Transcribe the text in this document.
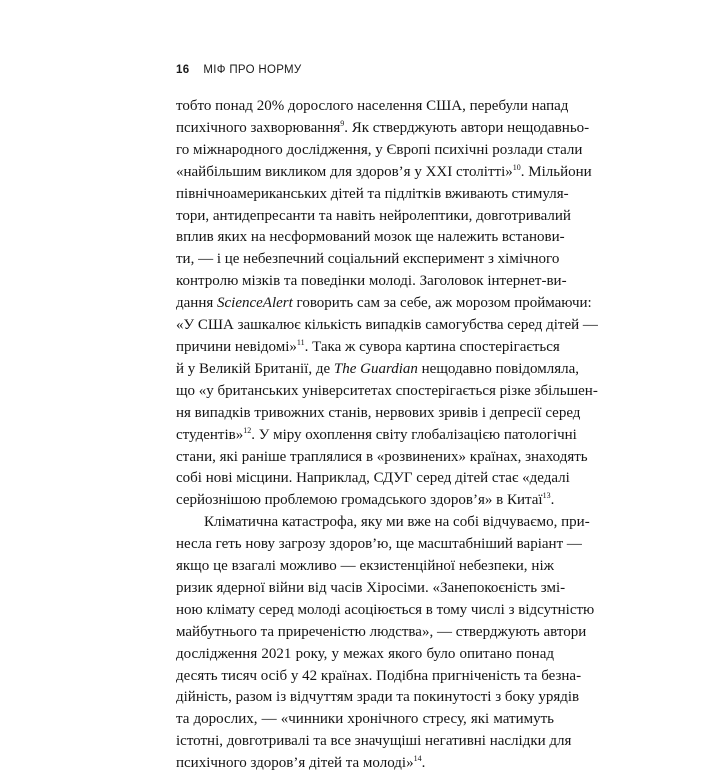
16 МІФ ПРО НОРМУ
тобто понад 20% дорослого населення США, перебули напад
психічного захворювання$^9$. Як стверджують автори нещодавньо-
го міжнародного дослідження, у Європі психічні розлади стали
«найбільшим викликом для здоров’я у XXI столітті»$^{10}$. Мільйони
північноамериканських дітей та підлітків вживають стимуля-
тори, антидепресанти та навіть нейролептики, довготривалий
вплив яких на несформований мозок ще належить встанови-
ти, — і це небезпечний соціальний експеримент з хімічного
контролю мізків та поведінки молоді. Заголовок інтернет-ви-
дання ScienceAlert говорить сам за себе, аж морозом проймаючи:
«У США зашкалює кількість випадків самогубства серед дітей —
причини невідомі»$^{11}$. Така ж сувора картина спостерігається
й у Великій Британії, де The Guardian нещодавно повідомляла,
що «у британських університетах спостерігається різке збільшен-
ня випадків тривожних станів, нервових зривів і депресії серед
студентів»$^{12}$. У міру охоплення світу глобалізацією патологічні
стани, які раніше траплялися в «розвинених» країнах, знаходять
собі нові місцини. Наприклад, СДУГ серед дітей стає «дедалі
серйознішою проблемою громадського здоров’я» в Китаї$^{13}$.
Кліматична катастрофа, яку ми вже на собі відчуваємо, при-
несла геть нову загрозу здоров’ю, ще масштабніший варіант —
якщо це взагалі можливо — екзистенційної небезпеки, ніж
ризик ядерної війни від часів Хіросіми. «Занепокоєність змі-
ною клімату серед молоді асоціюється в тому числі з відсутністю
майбутнього та приреченістю людства», — стверджують автори
дослідження 2021 року, у межах якого було опитано понад
десять тисяч осіб у 42 країнах. Подібна пригніченість та безна-
дійність, разом із відчуттям зради та покинутості з боку урядів
та дорослих, — «чинники хронічного стресу, які матимуть
істотні, довготривалі та все значущіші негативні наслідки для
психічного здоров’я дітей та молоді»$^{14}$.
